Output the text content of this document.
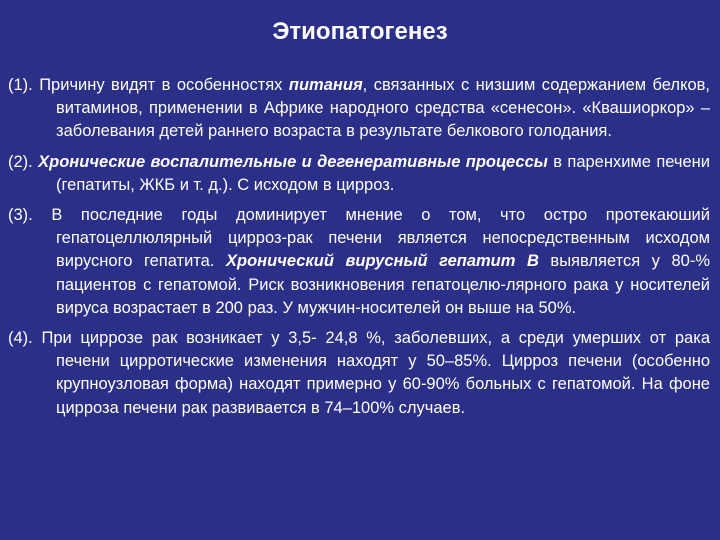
Этиопатогенез

(1). Причину видят в особенностях питания, связанных с низшим содержанием белков, витаминов, применении в Африке народного средства «сенесон». «Квашиоркор» – заболевания детей раннего возраста в результате белкового голодания.

(2). Хронические воспалительные и дегенеративные процессы в паренхиме печени (гепатиты, ЖКБ и т. д.). С исходом в цирроз.

(3). В последние годы доминирует мнение о том, что остро протекаюший гепатоцеллюлярный цирроз-рак печени является непосредственным исходом вирусного гепатита. Хронический вирусный гепатит В выявляется у 80-% пациентов с гепатомой. Риск возникновения гепатоцелю-лярного рака у носителей вируса возрастает в 200 раз. У мужчин-носителей он выше на 50%.

(4). При циррозе рак возникает у 3,5- 24,8 %, заболевших, а среди умерших от рака печени цирротические изменения находят у 50–85%. Цирроз печени (особенно крупноузловая форма) находят примерно у 60-90% больных с гепатомой. На фоне цирроза печени рак развивается в 74–100% случаев.
